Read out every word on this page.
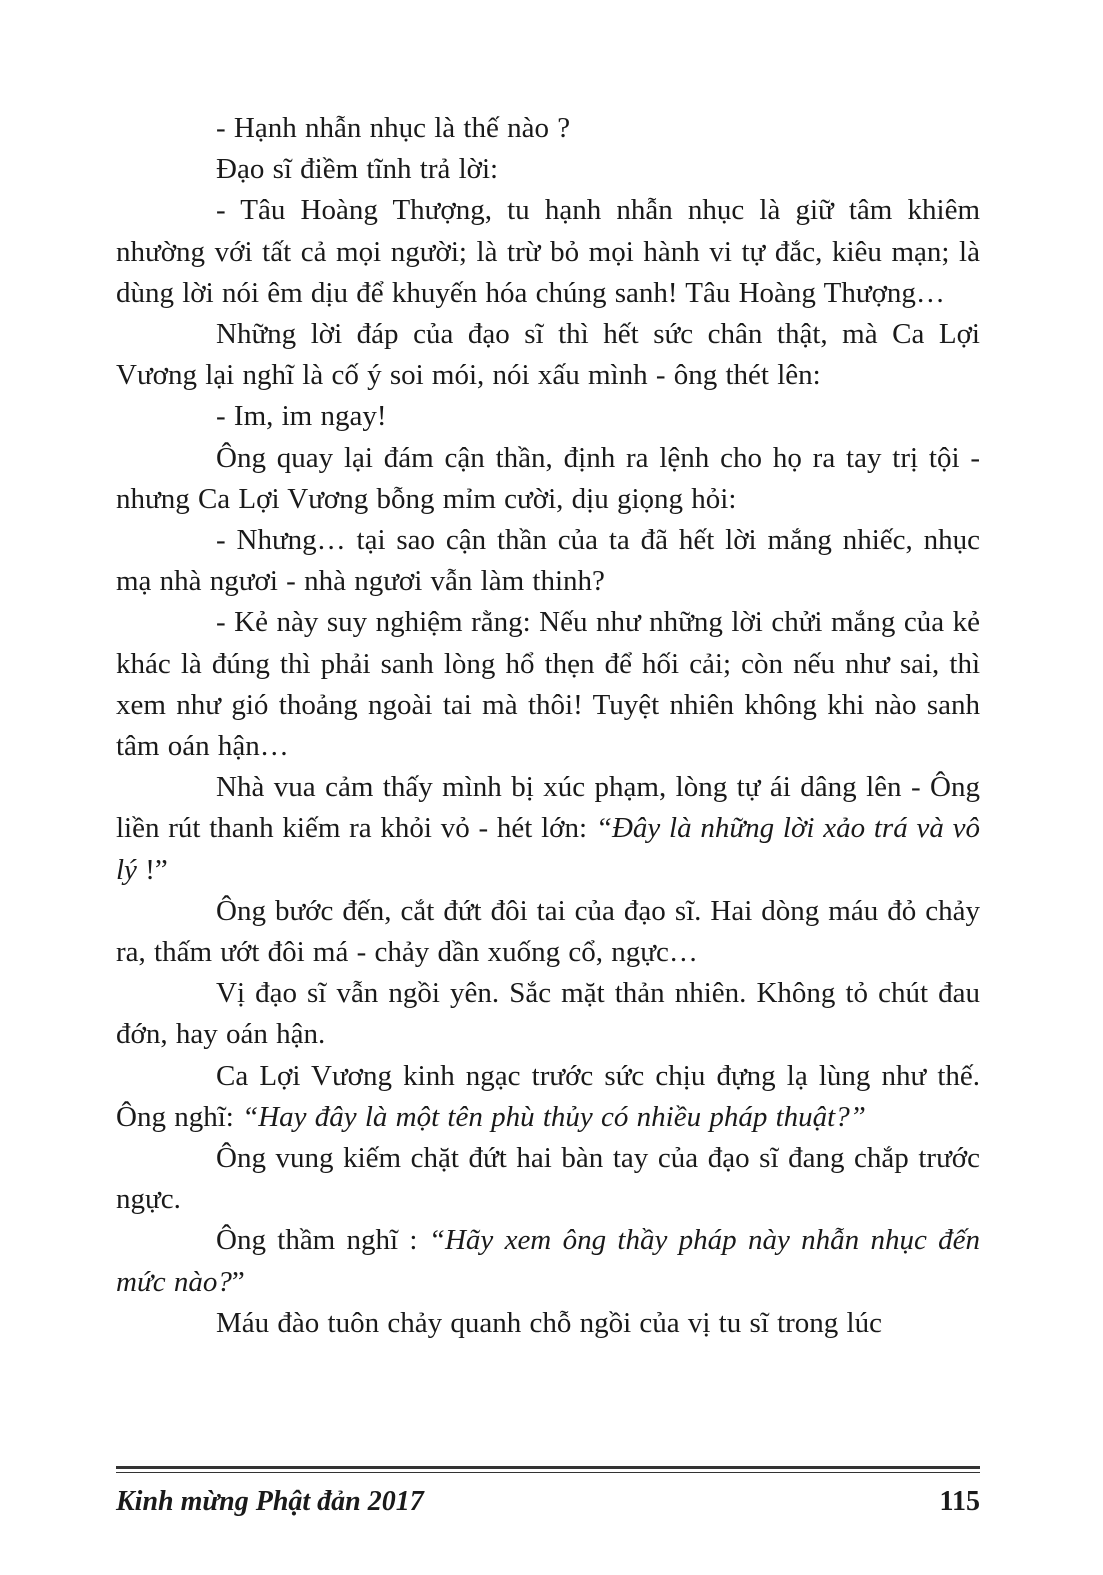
- Hạnh nhẫn nhục là thế nào ?

Đạo sĩ điềm tĩnh trả lời:

- Tâu Hoàng Thượng, tu hạnh nhẫn nhục là giữ tâm khiêm nhường với tất cả mọi người; là trừ bỏ mọi hành vi tự đắc, kiêu mạn; là dùng lời nói êm dịu để khuyến hóa chúng sanh! Tâu Hoàng Thượng…

Những lời đáp của đạo sĩ thì hết sức chân thật, mà Ca Lợi Vương lại nghĩ là cố ý soi mói, nói xấu mình - ông thét lên:

- Im, im ngay!

Ông quay lại đám cận thần, định ra lệnh cho họ ra tay trị tội - nhưng Ca Lợi Vương bỗng mỉm cười, dịu giọng hỏi:

- Nhưng… tại sao cận thần của ta đã hết lời mắng nhiếc, nhục mạ nhà ngươi - nhà ngươi vẫn làm thinh?

- Kẻ này suy nghiệm rằng: Nếu như những lời chửi mắng của kẻ khác là đúng thì phải sanh lòng hổ thẹn để hối cải; còn nếu như sai, thì xem như gió thoảng ngoài tai mà thôi! Tuyệt nhiên không khi nào sanh tâm oán hận…

Nhà vua cảm thấy mình bị xúc phạm, lòng tự ái dâng lên - Ông liền rút thanh kiếm ra khỏi vỏ - hét lớn: “Đây là những lời xảo trá và vô lý !”

Ông bước đến, cắt đứt đôi tai của đạo sĩ. Hai dòng máu đỏ chảy ra, thấm ướt đôi má - chảy dần xuống cổ, ngực…

Vị đạo sĩ vẫn ngồi yên. Sắc mặt thản nhiên. Không tỏ chút đau đớn, hay oán hận.

Ca Lợi Vương kinh ngạc trước sức chịu đựng lạ lùng như thế. Ông nghĩ: “Hay đây là một tên phù thủy có nhiều pháp thuật?”

Ông vung kiếm chặt đứt hai bàn tay của đạo sĩ đang chắp trước ngực.

Ông thầm nghĩ : “Hãy xem ông thầy pháp này nhẫn nhục đến mức nào?”

Máu đào tuôn chảy quanh chỗ ngồi của vị tu sĩ trong lúc

Kinh mừng Phật đản 2017	115
